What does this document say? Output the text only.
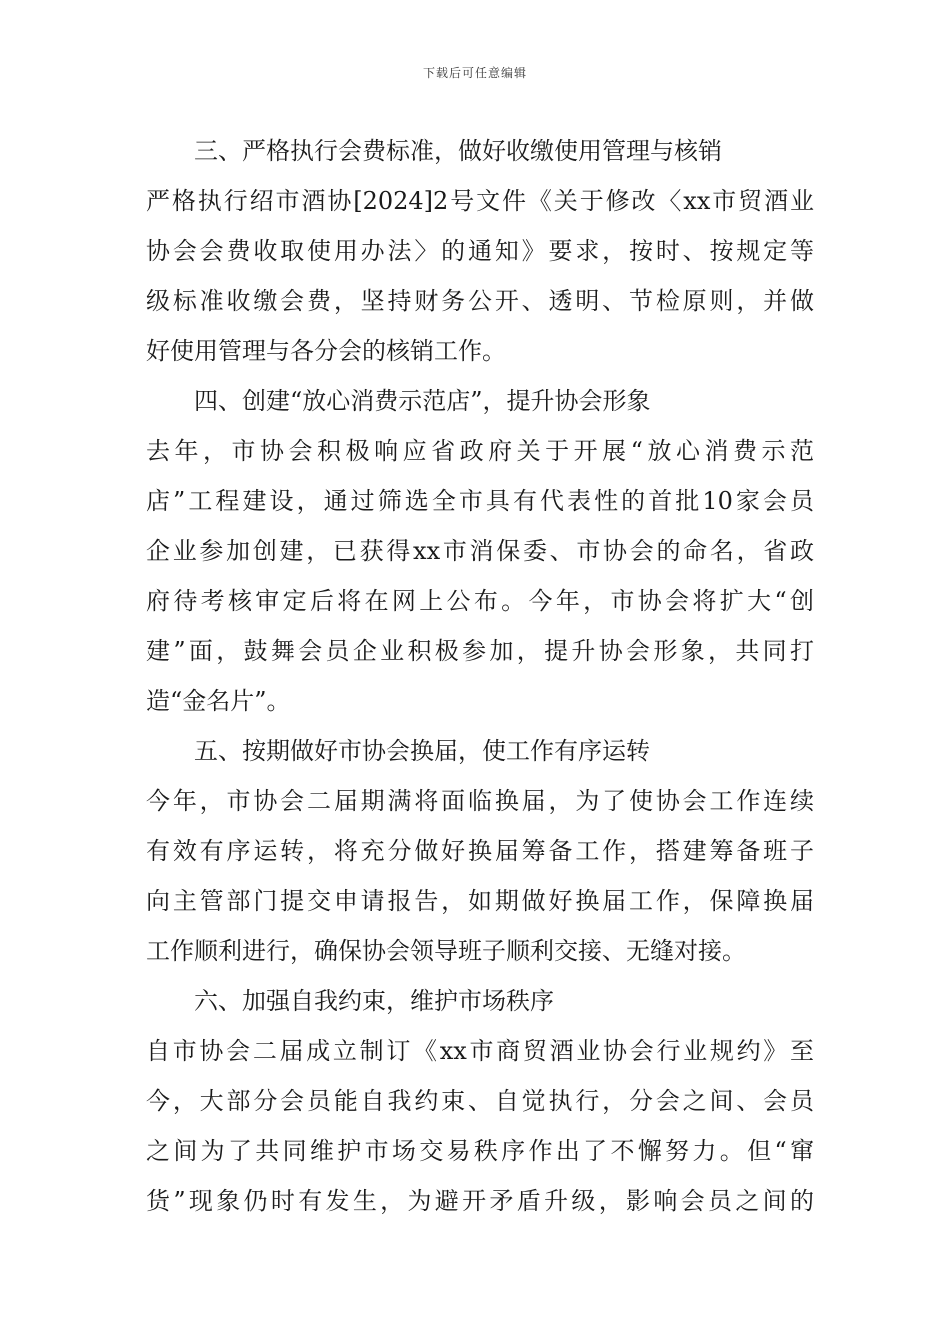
下载后可任意编辑
三、严格执行会费标准，做好收缴使用管理与核销
严格执行绍市酒协[2024]2号文件《关于修改〈xx市贸酒业
协会会费收取使用办法〉的通知》要求，按时、按规定等
级标准收缴会费，坚持财务公开、透明、节检原则，并做
好使用管理与各分会的核销工作。
四、创建“放心消费示范店”，提升协会形象
去年，市协会积极响应省政府关于开展“放心消费示范
店”工程建设，通过筛选全市具有代表性的首批10家会员
企业参加创建，已获得xx市消保委、市协会的命名，省政
府待考核审定后将在网上公布。今年，市协会将扩大“创
建”面，鼓舞会员企业积极参加，提升协会形象，共同打
造“金名片”。
五、按期做好市协会换届，使工作有序运转
今年，市协会二届期满将面临换届，为了使协会工作连续
有效有序运转，将充分做好换届筹备工作，搭建筹备班子
向主管部门提交申请报告，如期做好换届工作，保障换届
工作顺利进行，确保协会领导班子顺利交接、无缝对接。
六、加强自我约束，维护市场秩序
自市协会二届成立制订《xx市商贸酒业协会行业规约》至
今，大部分会员能自我约束、自觉执行，分会之间、会员
之间为了共同维护市场交易秩序作出了不懈努力。但“窜
货”现象仍时有发生，为避开矛盾升级，影响会员之间的
